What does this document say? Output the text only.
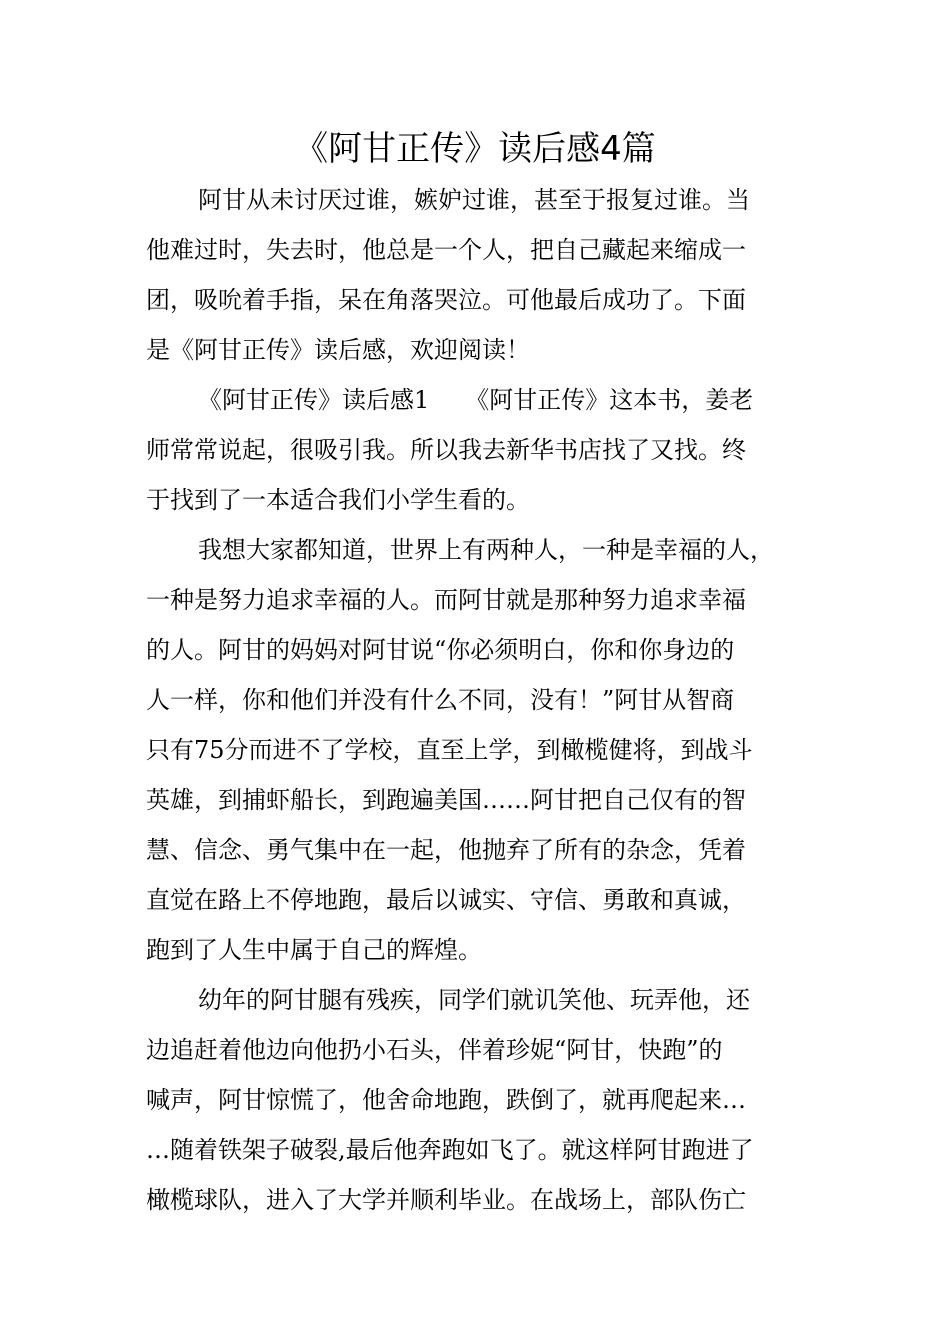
《阿甘正传》读后感4篇
阿甘从未讨厌过谁，嫉妒过谁，甚至于报复过谁。当
他难过时，失去时，他总是一个人，把自己藏起来缩成一
团，吸吮着手指，呆在角落哭泣。可他最后成功了。下面
是《阿甘正传》读后感，欢迎阅读！
《阿甘正传》读后感1　　《阿甘正传》这本书，姜老
师常常说起，很吸引我。所以我去新华书店找了又找。终
于找到了一本适合我们小学生看的。
我想大家都知道，世界上有两种人，一种是幸福的人，
一种是努力追求幸福的人。而阿甘就是那种努力追求幸福
的人。阿甘的妈妈对阿甘说“你必须明白，你和你身边的
人一样，你和他们并没有什么不同，没有！”阿甘从智商
只有75分而进不了学校，直至上学，到橄榄健将，到战斗
英雄，到捕虾船长，到跑遍美国……阿甘把自己仅有的智
慧、信念、勇气集中在一起，他抛弃了所有的杂念，凭着
直觉在路上不停地跑，最后以诚实、守信、勇敢和真诚，
跑到了人生中属于自己的辉煌。
幼年的阿甘腿有残疾，同学们就讥笑他、玩弄他，还
边追赶着他边向他扔小石头，伴着珍妮“阿甘，快跑”的
喊声，阿甘惊慌了，他舍命地跑，跌倒了，就再爬起来…
…随着铁架子破裂,最后他奔跑如飞了。就这样阿甘跑进了
橄榄球队，进入了大学并顺利毕业。在战场上，部队伤亡
